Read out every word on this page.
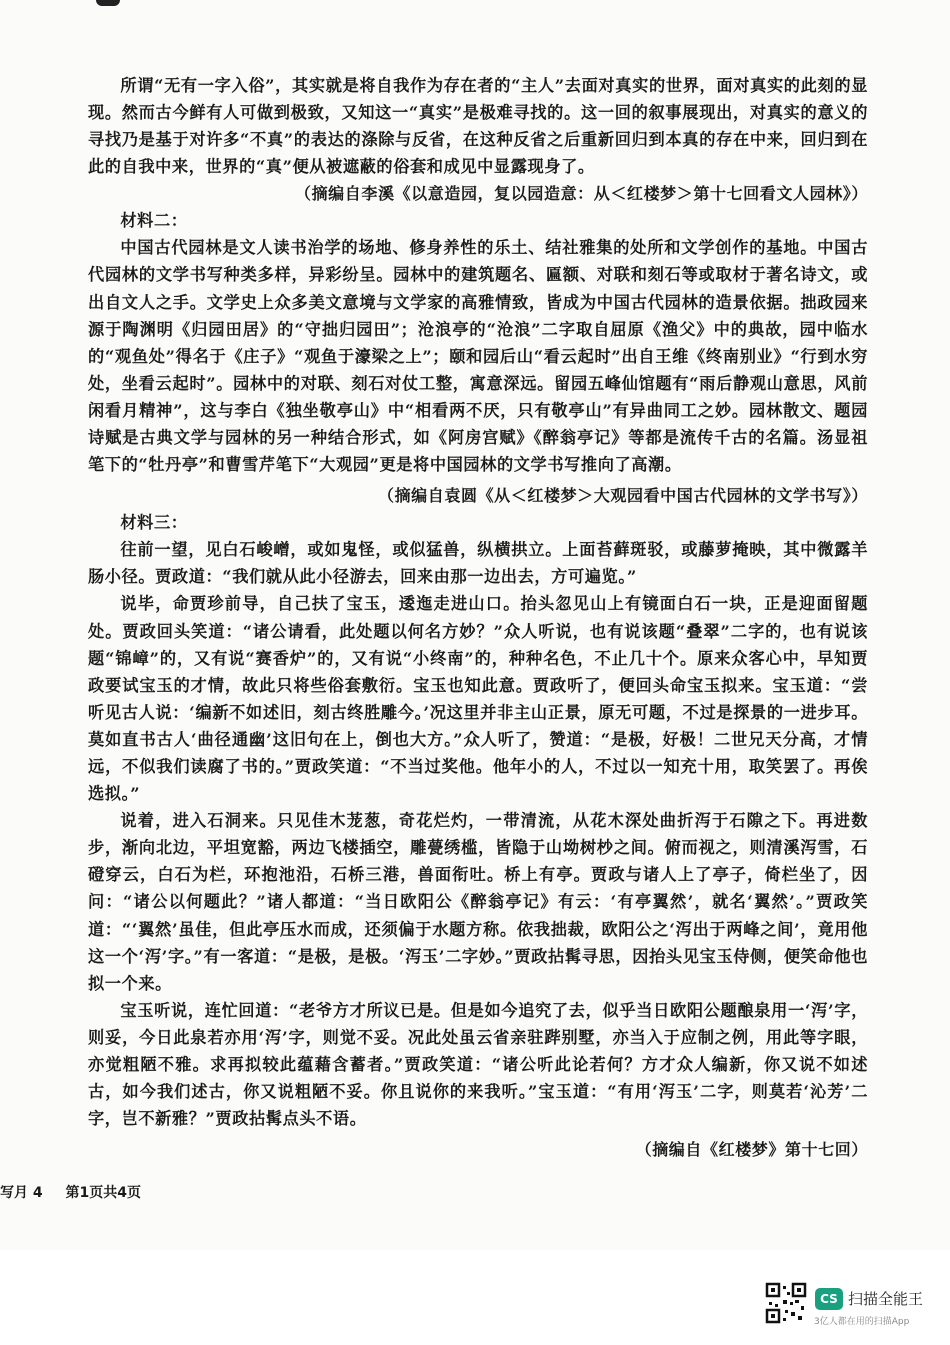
所谓“无有一字入俗”，其实就是将自我作为存在者的“主人”去面对真实的世界，面对真实的此刻的显现。然而古今鲜有人可做到极致，又知这一“真实”是极难寻找的。这一回的叙事展现出，对真实的意义的寻找乃是基于对许多“不真”的表达的涤除与反省，在这种反省之后重新回归到本真的存在中来，回归到在此的自我中来，世界的“真”便从被遮蔽的俗套和成见中显露现身了。

（摘编自李溪《以意造园，复以园造意：从＜红楼梦＞第十七回看文人园林》）

材料二：

中国古代园林是文人读书治学的场地、修身养性的乐土、结社雅集的处所和文学创作的基地。中国古代园林的文学书写种类多样，异彩纷呈。园林中的建筑题名、匾额、对联和刻石等或取材于著名诗文，或出自文人之手。文学史上众多美文意境与文学家的高雅情致，皆成为中国古代园林的造景依据。拙政园来源于陶渊明《归园田居》的“守拙归园田”；沧浪亭的“沧浪”二字取自屈原《渔父》中的典故，园中临水的“观鱼处”得名于《庄子》“观鱼于濠梁之上”；颐和园后山“看云起时”出自王维《终南别业》“行到水穷处，坐看云起时”。园林中的对联、刻石对仗工整，寓意深远。留园五峰仙馆题有“雨后静观山意思，风前闲看月精神”，这与李白《独坐敬亭山》中“相看两不厌，只有敬亭山”有异曲同工之妙。园林散文、题园诗赋是古典文学与园林的另一种结合形式，如《阿房宫赋》《醉翁亭记》等都是流传千古的名篇。汤显祖笔下的“牡丹亭”和曹雪芹笔下“大观园”更是将中国园林的文学书写推向了高潮。

（摘编自袁圆《从＜红楼梦＞大观园看中国古代园林的文学书写》）

材料三：

往前一望，见白石峻嶒，或如鬼怪，或似猛兽，纵横拱立。上面苔藓斑驳，或藤萝掩映，其中微露羊肠小径。贾政道：“我们就从此小径游去，回来由那一边出去，方可遍览。”

说毕，命贾珍前导，自己扶了宝玉，逶迤走进山口。抬头忽见山上有镜面白石一块，正是迎面留题处。贾政回头笑道：“诸公请看，此处题以何名方妙？”众人听说，也有说该题“叠翠”二字的，也有说该题“锦嶂”的，又有说“赛香炉”的，又有说“小终南”的，种种名色，不止几十个。原来众客心中，早知贾政要试宝玉的才情，故此只将些俗套敷衍。宝玉也知此意。贾政听了，便回头命宝玉拟来。宝玉道：“尝听见古人说：‘编新不如述旧，刻古终胜雕今。’况这里并非主山正景，原无可题，不过是探景的一进步耳。莫如直书古人‘曲径通幽’这旧句在上，倒也大方。”众人听了，赞道：“是极，好极！二世兄天分高，才情远，不似我们读腐了书的。”贾政笑道：“不当过奖他。他年小的人，不过以一知充十用，取笑罢了。再俟选拟。”

说着，进入石洞来。只见佳木茏葱，奇花烂灼，一带清流，从花木深处曲折泻于石隙之下。再进数步，渐向北边，平坦宽豁，两边飞楼插空，雕甍绣槛，皆隐于山坳树杪之间。俯而视之，则清溪泻雪，石磴穿云，白石为栏，环抱池沿，石桥三港，兽面衔吐。桥上有亭。贾政与诸人上了亭子，倚栏坐了，因问：“诸公以何题此？”诸人都道：“当日欧阳公《醉翁亭记》有云：‘有亭翼然’，就名‘翼然’。”贾政笑道：“‘翼然’虽佳，但此亭压水而成，还须偏于水题方称。依我拙裁，欧阳公之‘泻出于两峰之间’，竟用他这一个‘泻’字。”有一客道：“是极，是极。‘泻玉’二字妙。”贾政拈髯寻思，因抬头见宝玉侍侧，便笑命他也拟一个来。

宝玉听说，连忙回道：“老爷方才所议已是。但是如今追究了去，似乎当日欧阳公题酿泉用一‘泻’字，则妥，今日此泉若亦用‘泻’字，则觉不妥。况此处虽云省亲驻跸别墅，亦当入于应制之例，用此等字眼，亦觉粗陋不雅。求再拟较此蕴藉含蓄者。”贾政笑道：“诸公听此论若何？方才众人编新，你又说不如述古，如今我们述古，你又说粗陋不妥。你且说你的来我听。”宝玉道：“有用‘泻玉’二字，则莫若‘沁芳’二字，岂不新雅？”贾政拈髯点头不语。

（摘编自《红楼梦》第十七回）

写月 4 第1页共4页
CS 扫描全能王
3亿人都在用的扫描App
